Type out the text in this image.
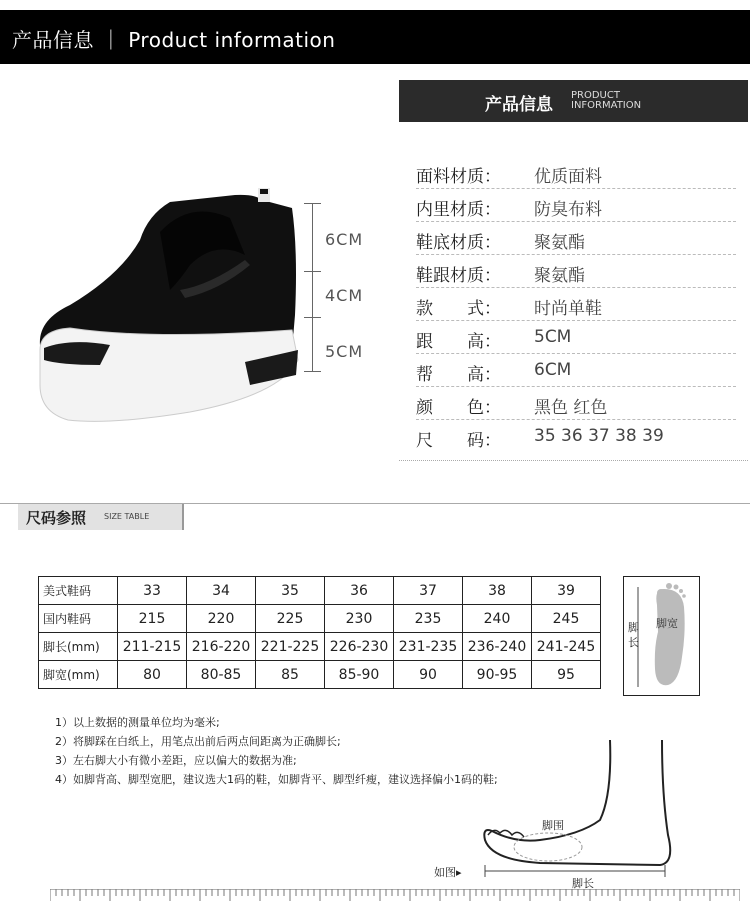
产品信息 ｜ Product information
6CM
4CM
5CM
产品信息 PRODUCT
INFORMATION
面料材质： 优质面料
内里材质： 防臭布料
鞋底材质： 聚氨酯
鞋跟材质： 聚氨酯
款　　式： 时尚单鞋
跟　　高： 5CM
帮　　高： 6CM
颜　　色： 黑色 红色
尺　　码： 35 36 37 38 39
尺码参照 SIZE TABLE
美式鞋码	33	34	35	36	37	38	39
国内鞋码	215	220	225	230	235	240	245
脚长(mm)	211-215	216-220	221-225	226-230	231-235	236-240	241-245
脚宽(mm)	80	80-85	85	85-90	90	90-95	95
脚
长
脚宽
1）以上数据的测量单位均为毫米;
2）将脚踩在白纸上，用笔点出前后两点间距离为正确脚长;
3）左右脚大小有微小差距，应以偏大的数据为准;
4）如脚背高、脚型宽肥，建议选大1码的鞋，如脚背平、脚型纤瘦，建议选择偏小1码的鞋;
脚围
如图▸
脚长
